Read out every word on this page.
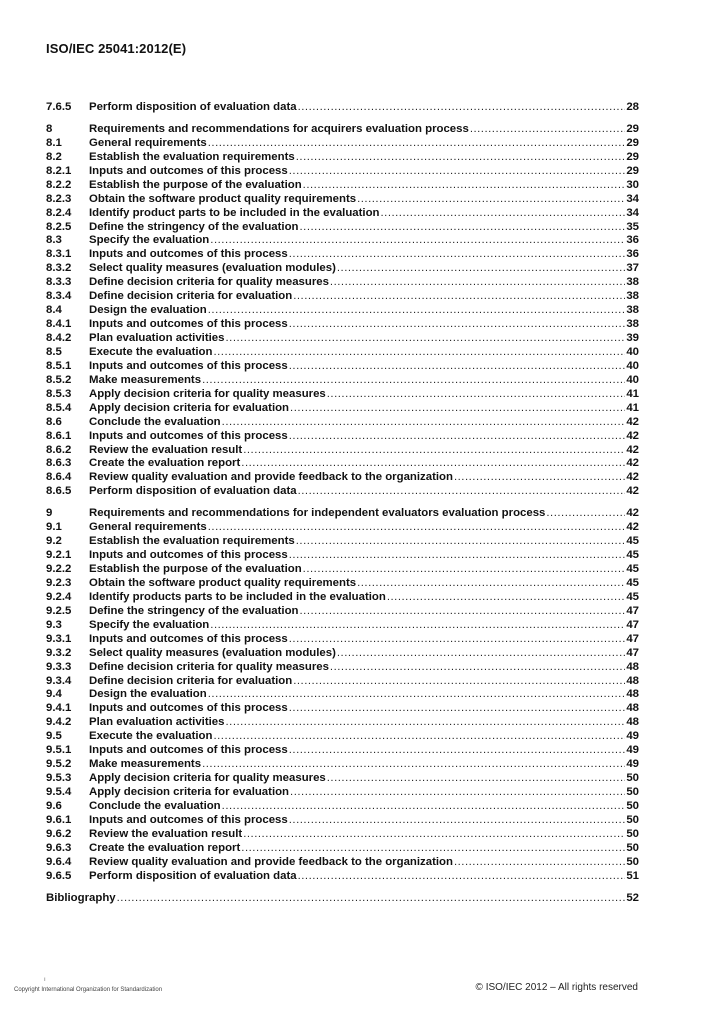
ISO/IEC 25041:2012(E)
7.6.5	Perform disposition of evaluation data .....	28
8	Requirements and recommendations for acquirers evaluation process .....	29
8.1	General requirements .....	29
8.2	Establish the evaluation requirements .....	29
8.2.1	Inputs and outcomes of this process .....	29
8.2.2	Establish the purpose of the evaluation .....	30
8.2.3	Obtain the software product quality requirements .....	34
8.2.4	Identify product parts to be included in the evaluation .....	34
8.2.5	Define the stringency of the evaluation .....	35
8.3	Specify the evaluation .....	36
8.3.1	Inputs and outcomes of this process .....	36
8.3.2	Select quality measures (evaluation modules) .....	37
8.3.3	Define decision criteria for quality measures .....	38
8.3.4	Define decision criteria for evaluation .....	38
8.4	Design the evaluation .....	38
8.4.1	Inputs and outcomes of this process .....	38
8.4.2	Plan evaluation activities .....	39
8.5	Execute the evaluation .....	40
8.5.1	Inputs and outcomes of this process .....	40
8.5.2	Make measurements .....	40
8.5.3	Apply decision criteria for quality measures .....	41
8.5.4	Apply decision criteria for evaluation .....	41
8.6	Conclude the evaluation .....	42
8.6.1	Inputs and outcomes of this process .....	42
8.6.2	Review the evaluation result .....	42
8.6.3	Create the evaluation report .....	42
8.6.4	Review quality evaluation and provide feedback to the organization .....	42
8.6.5	Perform disposition of evaluation data .....	42
9	Requirements and recommendations for independent evaluators evaluation process .....	42
9.1	General requirements .....	42
9.2	Establish the evaluation requirements .....	45
9.2.1	Inputs and outcomes of this process .....	45
9.2.2	Establish the purpose of the evaluation .....	45
9.2.3	Obtain the software product quality requirements .....	45
9.2.4	Identify products parts to be included in the evaluation .....	45
9.2.5	Define the stringency of the evaluation .....	47
9.3	Specify the evaluation .....	47
9.3.1	Inputs and outcomes of this process .....	47
9.3.2	Select quality measures (evaluation modules) .....	47
9.3.3	Define decision criteria for quality measures .....	48
9.3.4	Define decision criteria for evaluation .....	48
9.4	Design the evaluation .....	48
9.4.1	Inputs and outcomes of this process .....	48
9.4.2	Plan evaluation activities .....	48
9.5	Execute the evaluation .....	49
9.5.1	Inputs and outcomes of this process .....	49
9.5.2	Make measurements .....	49
9.5.3	Apply decision criteria for quality measures .....	50
9.5.4	Apply decision criteria for evaluation .....	50
9.6	Conclude the evaluation .....	50
9.6.1	Inputs and outcomes of this process .....	50
9.6.2	Review the evaluation result .....	50
9.6.3	Create the evaluation report .....	50
9.6.4	Review quality evaluation and provide feedback to the organization .....	50
9.6.5	Perform disposition of evaluation data .....	51
Bibliography .....	52
ı
Copyright International Organization for Standardization	© ISO/IEC 2012 – All rights reserved
